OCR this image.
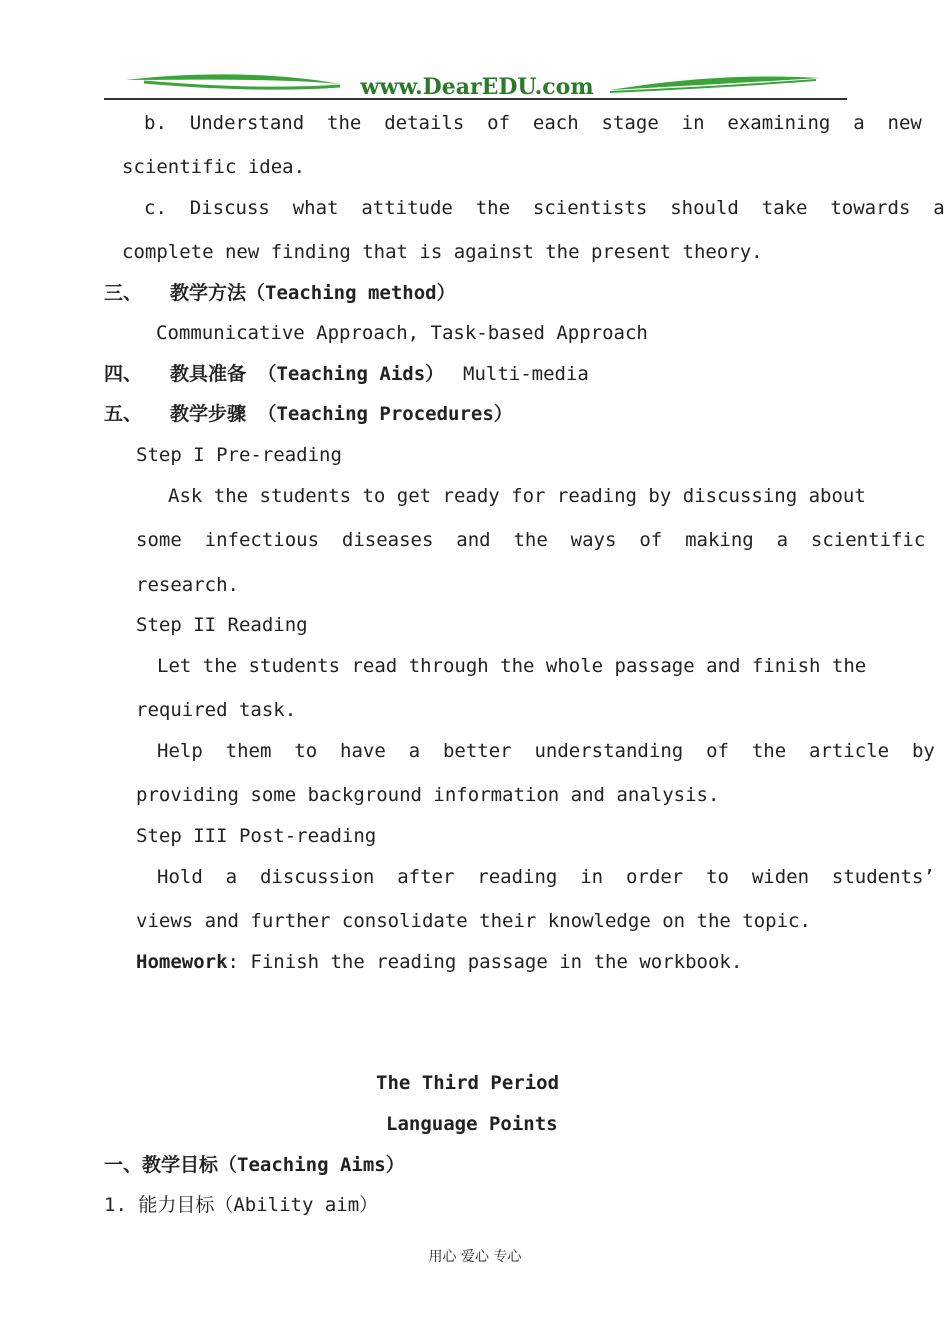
www.DearEDU.com
b.  Understand  the  details  of  each  stage  in  examining  a  new
scientific idea.
c.  Discuss  what  attitude  the  scientists  should  take  towards  a
complete new finding that is against the present theory.
三、 教学方法（Teaching method）
Communicative Approach, Task-based Approach
四、 教具准备 （Teaching Aids） Multi-media
五、 教学步骤 （Teaching Procedures）
Step I Pre-reading
Ask the students to get ready for reading by discussing about
some  infectious  diseases  and  the  ways  of  making  a  scientific
research.
Step II Reading
Let the students read through the whole passage and finish the
required task.
Help  them  to  have  a  better  understanding  of  the  article  by
providing some background information and analysis.
Step III Post-reading
Hold  a  discussion  after  reading  in  order  to  widen  students’
views and further consolidate their knowledge on the topic.
Homework: Finish the reading passage in the workbook.
The Third Period
Language Points
一、教学目标（Teaching Aims）
1. 能力目标（Ability aim）
用心 爱心 专心
